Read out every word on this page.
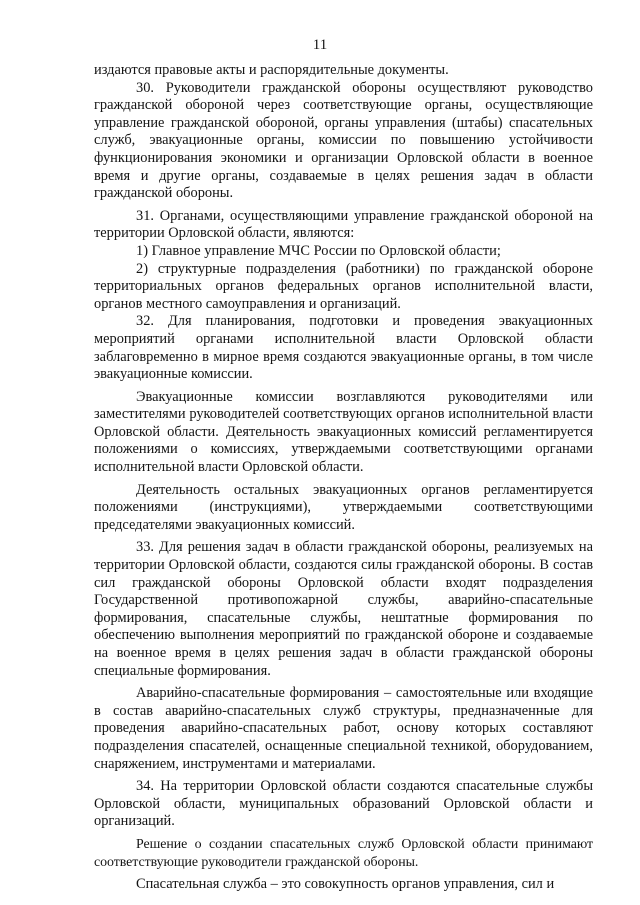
11

издаются правовые акты и распорядительные документы.

30. Руководители гражданской обороны осуществляют руководство гражданской обороной через соответствующие органы, осуществляющие управление гражданской обороной, органы управления (штабы) спасательных служб, эвакуационные органы, комиссии по повышению устойчивости функционирования экономики и организации Орловской области в военное время и другие органы, создаваемые в целях решения задач в области гражданской обороны.

31. Органами, осуществляющими управление гражданской обороной на территории Орловской области, являются:

1) Главное управление МЧС России по Орловской области;

2) структурные подразделения (работники) по гражданской обороне территориальных органов федеральных органов исполнительной власти, органов местного самоуправления и организаций.

32. Для планирования, подготовки и проведения эвакуационных мероприятий органами исполнительной власти Орловской области заблаговременно в мирное время создаются эвакуационные органы, в том числе эвакуационные комиссии.

Эвакуационные комиссии возглавляются руководителями или заместителями руководителей соответствующих органов исполнительной власти Орловской области. Деятельность эвакуационных комиссий регламентируется положениями о комиссиях, утверждаемыми соответствующими органами исполнительной власти Орловской области.

Деятельность остальных эвакуационных органов регламентируется положениями (инструкциями), утверждаемыми соответствующими председателями эвакуационных комиссий.

33. Для решения задач в области гражданской обороны, реализуемых на территории Орловской области, создаются силы гражданской обороны. В состав сил гражданской обороны Орловской области входят подразделения Государственной противопожарной службы, аварийно-спасательные формирования, спасательные службы, нештатные формирования по обеспечению выполнения мероприятий по гражданской обороне и создаваемые на военное время в целях решения задач в области гражданской обороны специальные формирования.

Аварийно-спасательные формирования – самостоятельные или входящие в состав аварийно-спасательных служб структуры, предназначенные для проведения аварийно-спасательных работ, основу которых составляют подразделения спасателей, оснащенные специальной техникой, оборудованием, снаряжением, инструментами и материалами.

34. На территории Орловской области создаются спасательные службы Орловской области, муниципальных образований Орловской области и организаций.

Решение о создании спасательных служб Орловской области принимают соответствующие руководители гражданской обороны.

Спасательная служба – это совокупность органов управления, сил и
